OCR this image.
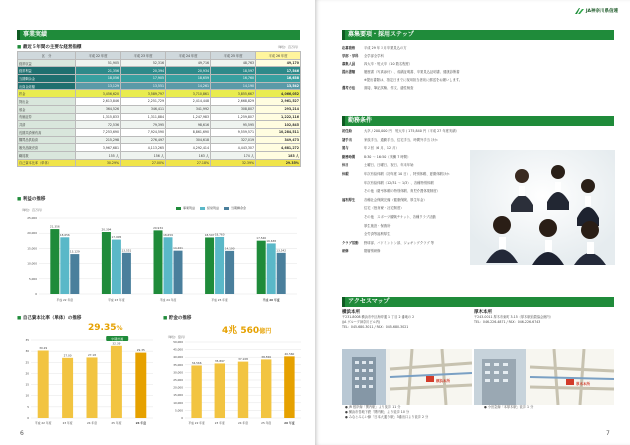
事業実績
■ 最近５年間の主要な経営指標	（単位：百万円）
区　分	平成 22 年度	平成 23 年度	平成 24 年度	平成 25 年度	平成 26 年度
経常収益	51,905	52,316	49,716	48,763	49,170
経常利益	21,356	20,394	20,934	18,597	17,546
当期剰余金	18,056	17,905	18,659	16,760	16,638
出資金総額	13,129	13,551	14,261	14,190	13,542
貯金	3,456,620	3,589,797	3,710,861	3,855,667	4,066,052
貸出金	2,613,846	2,251,729	2,414,448	2,668,829	2,961,527
預金	364,526	346,411	341,992	308,807	293,214
有価証券	1,315,833	1,311,884	1,247,983	1,259,807	1,222,116
共済	72,536	79,395	98,616	95,595	102,845
長期共済保有高	7,253,690	7,924,590	8,861,690	9,559,571	10,284,511
購買品供給高	215,298	276,497	304,618	327,019	349,473
販売品販売高	3,967,681	4,113,265	4,292,414	4,443,307	4,681,272
職員数	155 人	156 人	163 人	174 人	183 人
自己資本比率（単体）	30.29%	27.00%	27.18%	32.39%	29.35%
■ 利益の推移
（単位：百万円）	事業利益	経常利益	当期剰余金
25,000
20,000
15,000
10,000
5,000
0
21,356
18,656
13,129
平成 22 年度
20,394
17,905
13,551
平成 23 年度
20,934
18,659
14,261
平成 24 年度
18,597 18,760
14,190
平成 25 年度
17,546
16,638
13,542
平成 26 年度
■ 自己資本比率（単体）の推移
29.35%
35
30
25
20
15
10
5
0
30.29
平成 22 年度
27.00
23 年度
27.18
24 年度
32.39
25 年度
29.35
26 年度
中期計画
■ 貯金の推移
4兆 560億円
（単位：億円）
50,000
45,000
40,000
35,000
30,000
25,000
20,000
15,000
10,000
5,000
0
34,566
平成 22 年度
35,897
23 年度
37,108
24 年度
38,556
25 年度
40,560
26 年度
6
JA神奈川県信連
募集要項・採用ステップ
応募資格	平成 29 年３月卒業見込の方
学部・学科	全学部全学科
募集人員	四大卒・短大卒（10 数名程度）
提出書類	履歴書（写真添付）、成績証明書、卒業見込証明書、健康診断書
※提出書類は、指定日までに採用担当者宛に郵送をお願いします。
選考方法	面接、筆記試験、作文、適性検査
勤務条件
初任給	大卒 / 200,000 円　短大卒 / 175,840 円（平成 27 年度実績）
諸手当	家族手当、通勤手当、住宅手当、時間外手当 ほか
賞与	年２回（6 月、12 月）
勤務時間	8:30 〜 16:50（実働 7 時間）
休日	土曜日、日曜日、祝日、年末年始
休暇	年次有給休暇（初年度 10 日）、特別休暇、夏期休暇ほか
年次有給休暇（12/31 〜 1/3）、各種特別休暇
その他（慶弔休暇の特別休暇、育児介護休業制度）
福利厚生	各種社会保険完備（健康保険、厚生年金）
住宅（独身寮・社宅制度）
その他　スポーツ観戦チケット、各種クラブ活動
厚生施設・保養所
全労済等福利厚生
クラブ活動	野球部、バドミントン部、ジョギングクラブ 等
研修	階層別研修
アクセスマップ
横浜本所
〒231-8008 横浜市中区海岸通 1 丁目 2 番地の 2
(JA グループ神奈川ビル内)
TEL：045-680-3011 / FAX：045-680-3021
厚木本所
〒243-0011 厚木市東町 3-15（厚木駅前農協会館内）
TEL：046-226-4871 / FAX：046-226-6743
横浜本所
厚木本所
● JR 根岸線「関内駅」より徒歩 11 分
● 横浜市営地下鉄「関内駅」より徒歩 10 分
● みなとみらい線「日本大通り駅」3番出口より徒歩 2 分
● 小田急線「本厚木駅」徒歩 1 分
7
